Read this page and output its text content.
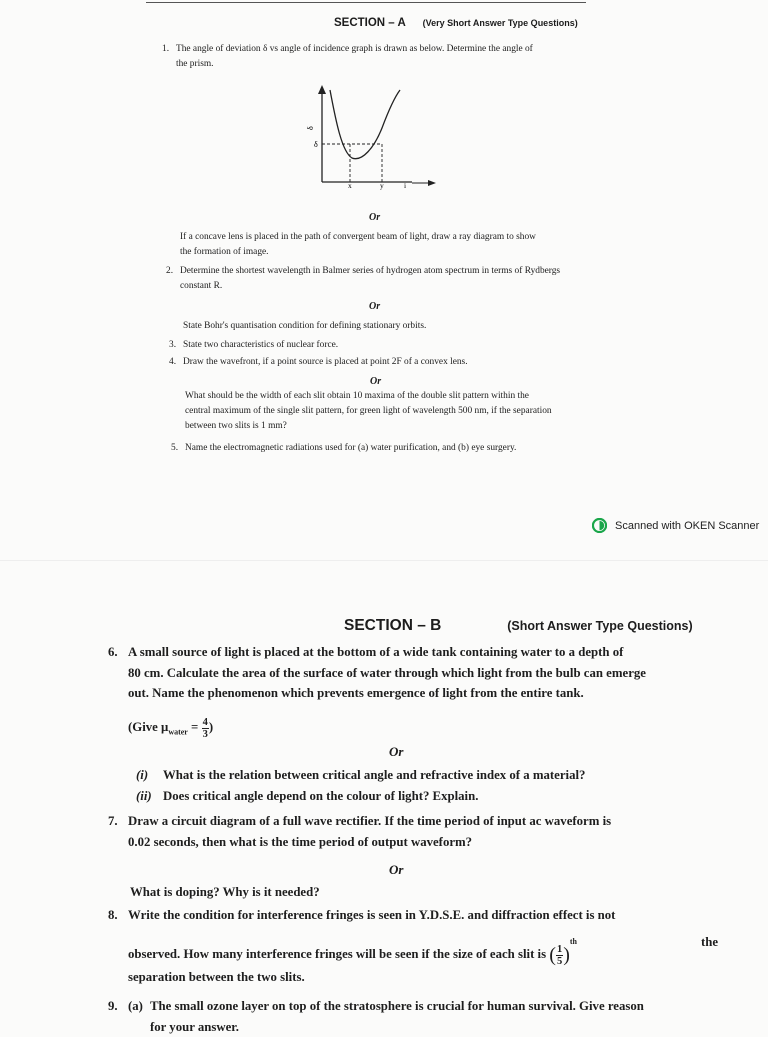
SECTION – A (Very Short Answer Type Questions)
1. The angle of deviation δ vs angle of incidence graph is drawn as below. Determine the angle of
the prism.
δ
δ
x	y	i
Or
If a concave lens is placed in the path of convergent beam of light, draw a ray diagram to show
the formation of image.
2. Determine the shortest wavelength in Balmer series of hydrogen atom spectrum in terms of Rydbergs
constant R.
Or
State Bohr's quantisation condition for defining stationary orbits.
3. State two characteristics of nuclear force.
4. Draw the wavefront, if a point source is placed at point 2F of a convex lens.
Or
What should be the width of each slit obtain 10 maxima of the double slit pattern within the
central maximum of the single slit pattern, for green light of wavelength 500 nm, if the separation
between two slits is 1 mm?
5. Name the electromagnetic radiations used for (a) water purification, and (b) eye surgery.
Scanned with OKEN Scanner
SECTION – B	(Short Answer Type Questions)
6. A small source of light is placed at the bottom of a wide tank containing water to a depth of
80 cm. Calculate the area of the surface of water through which light from the bulb can emerge
out. Name the phenomenon which prevents emergence of light from the entire tank.
(Give $\mu_{water} = \frac{4}{3}$ )
Or
(i) What is the relation between critical angle and refractive index of a material?
(ii) Does critical angle depend on the colour of light? Explain.
7. Draw a circuit diagram of a full wave rectifier. If the time period of input ac waveform is
0.02 seconds, then what is the time period of output waveform?
Or
What is doping? Why is it needed?
8. Write the condition for interference fringes is seen in Y.D.S.E. and diffraction effect is not
observed. How many interference fringes will be seen if the size of each slit is ( $\frac{1}{5} )^{th}$	the

separation between the two slits.
9. (a) The small ozone layer on top of the stratosphere is crucial for human survival. Give reason
for your answer.
